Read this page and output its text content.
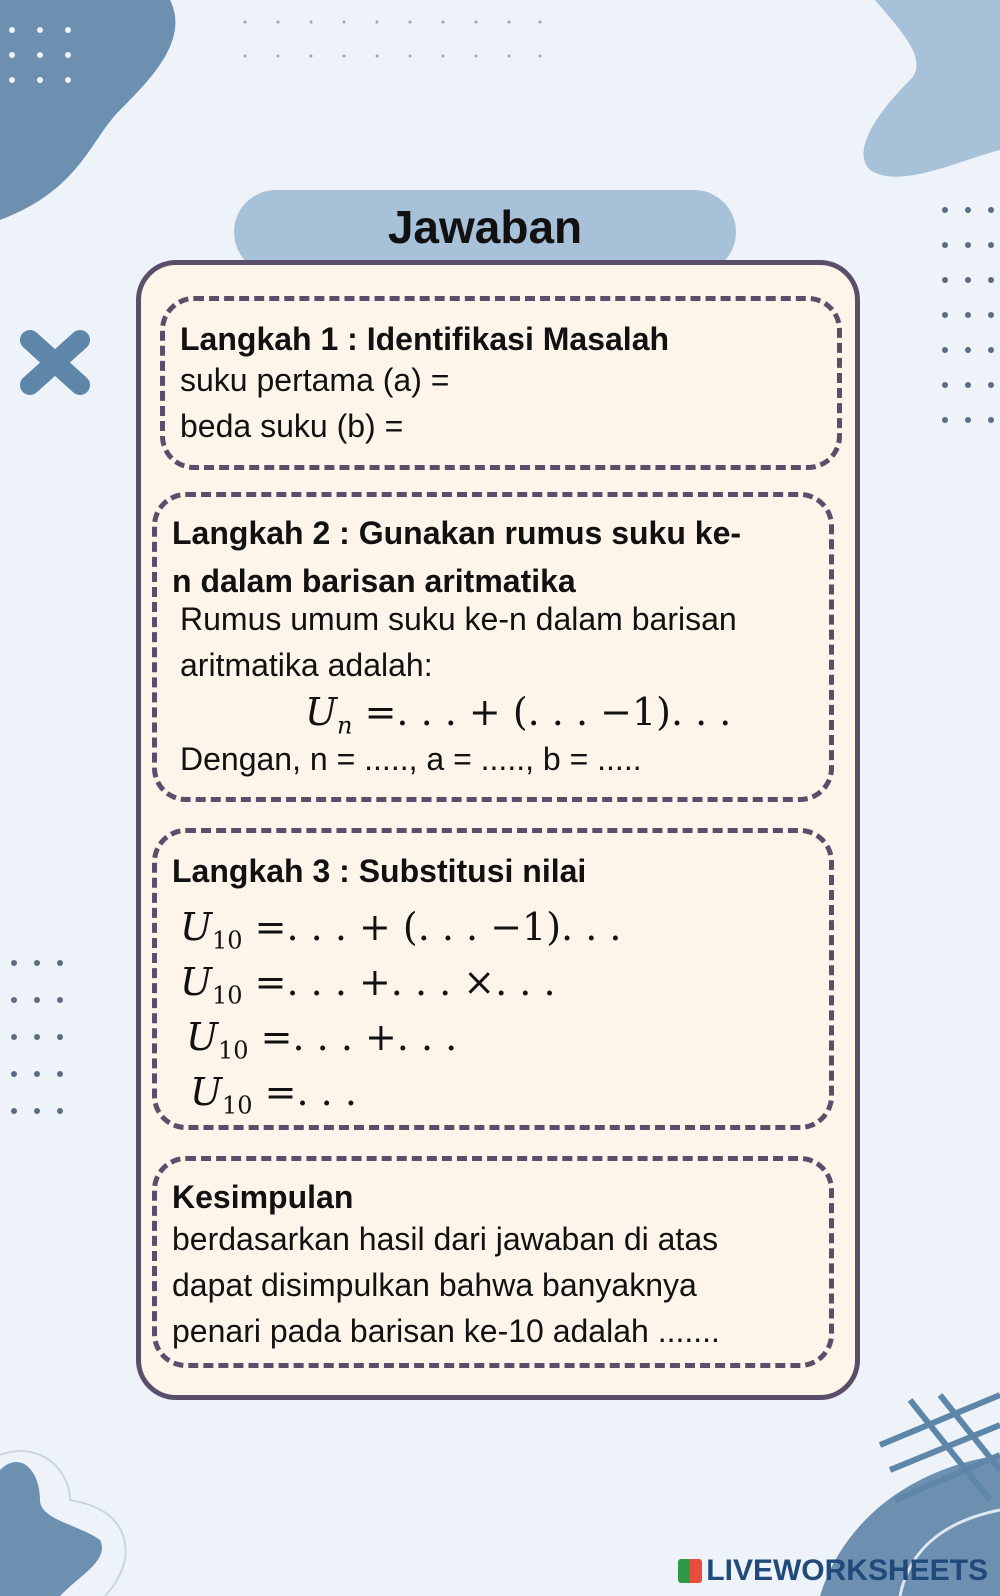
Jawaban
Langkah 1 : Identifikasi Masalah
suku pertama (a) =
beda suku (b) =
Langkah 2 : Gunakan rumus suku ke-
n dalam barisan aritmatika
Rumus umum suku ke-n dalam barisan
aritmatika adalah:
$U_n$ =. . . + (. . . −1). . .
Dengan, n = ....., a = ....., b = .....
Langkah 3 : Substitusi nilai
$U_{10}$ =. . . + (. . . −1). . .
$U_{10}$ =. . . +. . . ×. . .
$U_{10}$ =. . . +. . .
$U_{10}$ =. . .
Kesimpulan
berdasarkan hasil dari jawaban di atas
dapat disimpulkan bahwa banyaknya
penari pada barisan ke-10 adalah .......
LIVEWORKSHEETS
